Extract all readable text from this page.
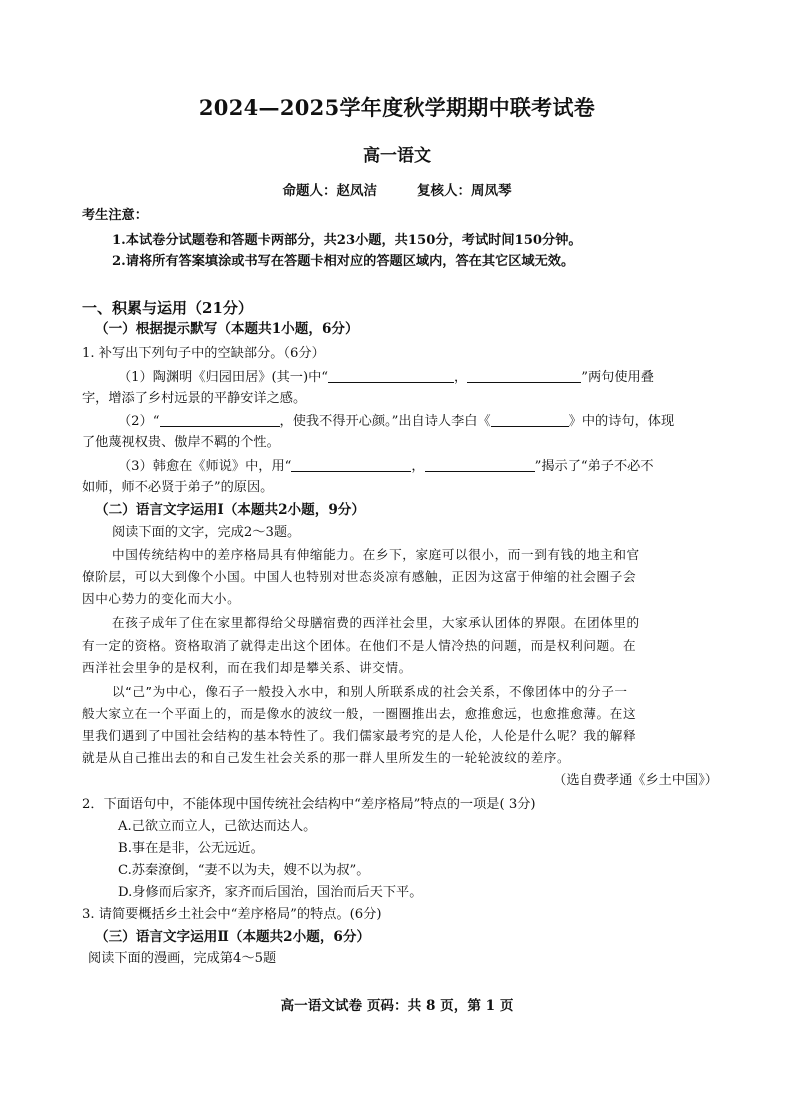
2024—2025学年度秋学期期中联考试卷
高一语文
命题人：赵凤洁	复核人：周凤琴
考生注意：
1.本试卷分试题卷和答题卡两部分，共23小题，共150分，考试时间150分钟。
2.请将所有答案填涂或书写在答题卡相对应的答题区域内，答在其它区域无效。
一、积累与运用（21分）
（一）根据提示默写（本题共1小题，6分）
1. 补写出下列句子中的空缺部分。（6分）
（1）陶渊明《归园田居》(其一)中“	，	”两句使用叠
字，增添了乡村远景的平静安详之感。
（2）“	，使我不得开心颜。”出自诗人李白《	》中的诗句，体现
了他蔑视权贵、傲岸不羁的个性。
（3）韩愈在《师说》中，用“	，	”揭示了“弟子不必不
如师，师不必贤于弟子”的原因。
（二）语言文字运用Ⅰ（本题共2小题，9分）
阅读下面的文字，完成2～3题。
中国传统结构中的差序格局具有伸缩能力。在乡下，家庭可以很小，而一到有钱的地主和官
僚阶层，可以大到像个小国。中国人也特别对世态炎凉有感触，正因为这富于伸缩的社会圈子会
因中心势力的变化而大小。
在孩子成年了住在家里都得给父母膳宿费的西洋社会里，大家承认团体的界限。在团体里的
有一定的资格。资格取消了就得走出这个团体。在他们不是人情冷热的问题，而是权利问题。在
西洋社会里争的是权利，而在我们却是攀关系、讲交情。
以“己”为中心，像石子一般投入水中，和别人所联系成的社会关系，不像团体中的分子一
般大家立在一个平面上的，而是像水的波纹一般，一圈圈推出去，愈推愈远，也愈推愈薄。在这
里我们遇到了中国社会结构的基本特性了。我们儒家最考究的是人伦，人伦是什么呢？我的解释
就是从自己推出去的和自己发生社会关系的那一群人里所发生的一轮轮波纹的差序。
（选自费孝通《乡土中国》）
2．下面语句中，不能体现中国传统社会结构中“差序格局”特点的一项是( 3分)
A.己欲立而立人，己欲达而达人。
B.事在是非，公无远近。
C.苏秦潦倒，“妻不以为夫，嫂不以为叔”。
D.身修而后家齐，家齐而后国治，国治而后天下平。
3. 请简要概括乡土社会中“差序格局”的特点。(6分)
（三）语言文字运用Ⅱ（本题共2小题，6分）
阅读下面的漫画，完成第4～5题
高一语文试卷 页码：共 8 页，第 1 页
